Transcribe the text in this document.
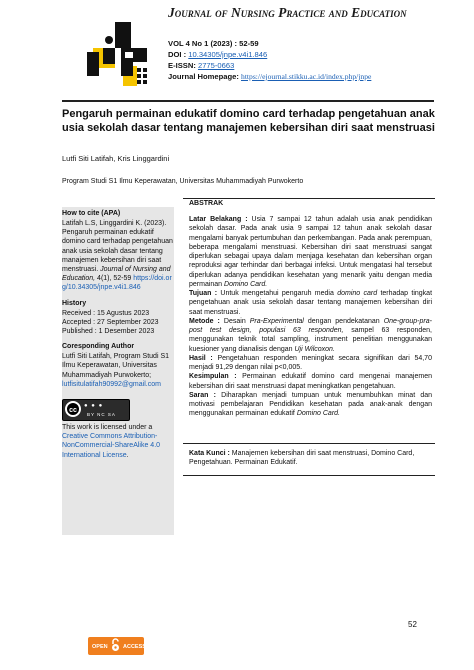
Journal of Nursing Practice and Education
VOL 4 No 1 (2023) : 52-59
DOI : 10.34305/jnpe.v4i1.846
E-ISSN: 2775-0663
Journal Homepage: https://ejournal.stikku.ac.id/index.php/jnpe
Pengaruh permainan edukatif domino card terhadap pengetahuan anak usia sekolah dasar tentang manajemen kebersihan diri saat menstruasi
Lutfi Siti Latifah, Kris Linggardini
Program Studi S1 Ilmu Keperawatan, Universitas Muhammadiyah Purwokerto
How to cite (APA)
Latifah L.S, Linggardini K. (2023). Pengaruh permainan edukatif domino card terhadap pengetahuan anak usia sekolah dasar tentang manajemen kebersihan diri saat menstruasi. Journal of Nursing and Education, 4(1), 52-59 https://doi.org/10.34305/jnpe.v4i1.846
History
Received : 15 Agustus 2023
Accepted : 27 September 2023
Published : 1 Desember 2023
Coresponding Author
Lutfi Siti Latifah, Program Studi S1 Ilmu Keperawatan, Universitas Muhammadiyah Purwokerto;
lutfisitulatifah90992@gmail.com
cc
● ● ●
BY NC SA
This work is licensed under a Creative Commons Attribution-NonCommercial-ShareAlike 4.0 International License.
ABSTRAK

Latar Belakang : Usia 7 sampai 12 tahun adalah usia anak pendidikan sekolah dasar. Pada anak usia 9 sampai 12 tahun anak sekolah dasar mengalami banyak pertumbuhan dan perkembangan. Pada anak perempuan, beberapa mengalami menstruasi. Kebersihan diri saat menstruasi sangat diperlukan sebagai upaya dalam menjaga kesehatan dan kebersihan organ reproduksi agar terhindar dari berbagai infeksi. Untuk mengatasi hal tersebut diperlukan adanya pendidikan kesehatan yang menarik yaitu dengan media permainan Domino Card.

Tujuan : Untuk mengetahui pengaruh media domino card terhadap tingkat pengetahuan anak usia sekolah dasar tentang manajemen kebersihan diri saat menstruasi.

Metode : Desain Pra-Experimental dengan pendekatanan One-group-pra-post test design, populasi 63 responden, sampel 63 responden, menggunakan teknik total sampling, instrument penelitian menggunakan kuesioner yang dianalisis dengan Uji Wilcoxon.

Hasil : Pengetahuan responden meningkat secara signifikan dari 54,70 menjadi 91,29 dengan nilai p<0,005.

Kesimpulan : Permainan edukatif domino card mengenai manajemen kebersihan diri saat menstruasi dapat meningkatkan pengetahuan.

Saran : Diharapkan menjadi tumpuan untuk menumbuhkan minat dan motivasi pembelajaran Pendidikan kesehatan pada anak-anak dengan menggunakan permainan edukatif Domino Card.

Kata Kunci : Manajemen kebersihan diri saat menstruasi, Domino Card, Pengetahuan. Permainan Edukatif.
52
OPEN	ACCESS
